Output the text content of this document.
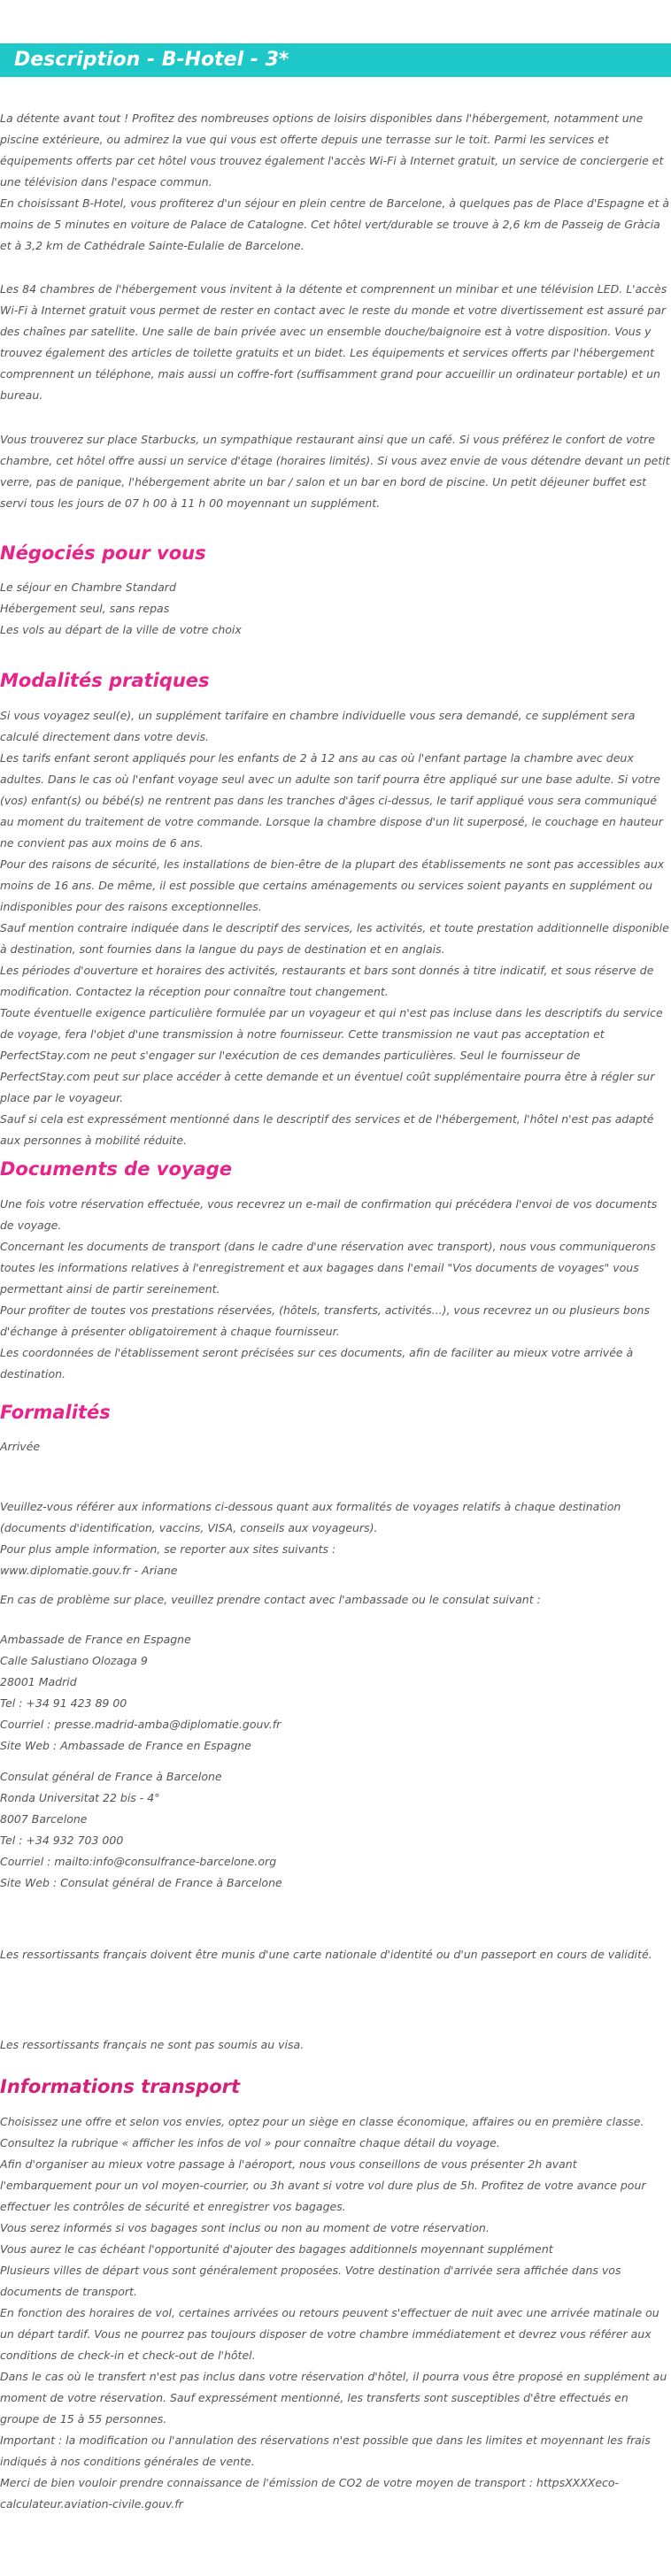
Description - B-Hotel - 3*

La détente avant tout ! Profitez des nombreuses options de loisirs disponibles dans l'hébergement, notamment une piscine extérieure, ou admirez la vue qui vous est offerte depuis une terrasse sur le toit. Parmi les services et équipements offerts par cet hôtel vous trouvez également l'accès Wi-Fi à Internet gratuit, un service de conciergerie et une télévision dans l'espace commun.

En choisissant B-Hotel, vous profiterez d'un séjour en plein centre de Barcelone, à quelques pas de Place d'Espagne et à moins de 5 minutes en voiture de Palace de Catalogne. Cet hôtel vert/durable se trouve à 2,6 km de Passeig de Gràcia et à 3,2 km de Cathédrale Sainte-Eulalie de Barcelone.

Les 84 chambres de l'hébergement vous invitent à la détente et comprennent un minibar et une télévision LED. L'accès Wi-Fi à Internet gratuit vous permet de rester en contact avec le reste du monde et votre divertissement est assuré par des chaînes par satellite. Une salle de bain privée avec un ensemble douche/baignoire est à votre disposition. Vous y trouvez également des articles de toilette gratuits et un bidet. Les équipements et services offerts par l'hébergement comprennent un téléphone, mais aussi un coffre-fort (suffisamment grand pour accueillir un ordinateur portable) et un bureau.

Vous trouverez sur place Starbucks, un sympathique restaurant ainsi que un café. Si vous préférez le confort de votre chambre, cet hôtel offre aussi un service d'étage (horaires limités). Si vous avez envie de vous détendre devant un petit verre, pas de panique, l'hébergement abrite un bar / salon et un bar en bord de piscine. Un petit déjeuner buffet est servi tous les jours de 07 h 00 à 11 h 00 moyennant un supplément.

Négociés pour vous

Le séjour en Chambre Standard

Hébergement seul, sans repas

Les vols au départ de la ville de votre choix

Modalités pratiques

Si vous voyagez seul(e), un supplément tarifaire en chambre individuelle vous sera demandé, ce supplément sera calculé directement dans votre devis.
Les tarifs enfant seront appliqués pour les enfants de 2 à 12 ans au cas où l'enfant partage la chambre avec deux adultes. Dans le cas où l'enfant voyage seul avec un adulte son tarif pourra être appliqué sur une base adulte. Si votre (vos) enfant(s) ou bébé(s) ne rentrent pas dans les tranches d'âges ci-dessus, le tarif appliqué vous sera communiqué au moment du traitement de votre commande. Lorsque la chambre dispose d'un lit superposé, le couchage en hauteur ne convient pas aux moins de 6 ans.
Pour des raisons de sécurité, les installations de bien-être de la plupart des établissements ne sont pas accessibles aux moins de 16 ans. De même, il est possible que certains aménagements ou services soient payants en supplément ou indisponibles pour des raisons exceptionnelles.
Sauf mention contraire indiquée dans le descriptif des services, les activités, et toute prestation additionnelle disponible à destination, sont fournies dans la langue du pays de destination et en anglais.
Les périodes d'ouverture et horaires des activités, restaurants et bars sont donnés à titre indicatif, et sous réserve de modification. Contactez la réception pour connaître tout changement.
Toute éventuelle exigence particulière formulée par un voyageur et qui n'est pas incluse dans les descriptifs du service de voyage, fera l'objet d'une transmission à notre fournisseur. Cette transmission ne vaut pas acceptation et PerfectStay.com ne peut s'engager sur l'exécution de ces demandes particulières. Seul le fournisseur de PerfectStay.com peut sur place accéder à cette demande et un éventuel coût supplémentaire pourra être à régler sur place par le voyageur.
Sauf si cela est expressément mentionné dans le descriptif des services et de l'hébergement, l'hôtel n'est pas adapté aux personnes à mobilité réduite.

Documents de voyage

Une fois votre réservation effectuée, vous recevrez un e-mail de confirmation qui précédera l'envoi de vos documents de voyage.
Concernant les documents de transport (dans le cadre d'une réservation avec transport), nous vous communiquerons toutes les informations relatives à l'enregistrement et aux bagages dans l'email "Vos documents de voyages" vous permettant ainsi de partir sereinement.
Pour profiter de toutes vos prestations réservées, (hôtels, transferts, activités...), vous recevrez un ou plusieurs bons d'échange à présenter obligatoirement à chaque fournisseur.
Les coordonnées de l'établissement seront précisées sur ces documents, afin de faciliter au mieux votre arrivée à destination.

Formalités

Arrivée

Veuillez-vous référer aux informations ci-dessous quant aux formalités de voyages relatifs à chaque destination (documents d'identification, vaccins, VISA, conseils aux voyageurs).
Pour plus ample information, se reporter aux sites suivants :
www.diplomatie.gouv.fr - Ariane

En cas de problème sur place, veuillez prendre contact avec l'ambassade ou le consulat suivant :

Ambassade de France en Espagne
Calle Salustiano Olozaga 9
28001 Madrid
Tel : +34 91 423 89 00
Courriel : presse.madrid-amba@diplomatie.gouv.fr
Site Web : Ambassade de France en Espagne

Consulat général de France à Barcelone
Ronda Universitat 22 bis - 4°
8007 Barcelone
Tel : +34 932 703 000
Courriel : mailto:info@consulfrance-barcelone.org
Site Web : Consulat général de France à Barcelone

Les ressortissants français doivent être munis d'une carte nationale d'identité ou d'un passeport en cours de validité.

Les ressortissants français ne sont pas soumis au visa.

Informations transport

Choisissez une offre et selon vos envies, optez pour un siège en classe économique, affaires ou en première classe.
Consultez la rubrique « afficher les infos de vol » pour connaître chaque détail du voyage.
Afin d'organiser au mieux votre passage à l'aéroport, nous vous conseillons de vous présenter 2h avant l'embarquement pour un vol moyen-courrier, ou 3h avant si votre vol dure plus de 5h. Profitez de votre avance pour effectuer les contrôles de sécurité et enregistrer vos bagages.
Vous serez informés si vos bagages sont inclus ou non au moment de votre réservation.
Vous aurez le cas échéant l'opportunité d'ajouter des bagages additionnels moyennant supplément
Plusieurs villes de départ vous sont généralement proposées. Votre destination d'arrivée sera affichée dans vos documents de transport.
En fonction des horaires de vol, certaines arrivées ou retours peuvent s'effectuer de nuit avec une arrivée matinale ou un départ tardif. Vous ne pourrez pas toujours disposer de votre chambre immédiatement et devrez vous référer aux conditions de check-in et check-out de l'hôtel.
Dans le cas où le transfert n'est pas inclus dans votre réservation d'hôtel, il pourra vous être proposé en supplément au moment de votre réservation. Sauf expressément mentionné, les transferts sont susceptibles d'être effectués en groupe de 15 à 55 personnes.
Important : la modification ou l'annulation des réservations n'est possible que dans les limites et moyennant les frais indiqués à nos conditions générales de vente.
Merci de bien vouloir prendre connaissance de l'émission de CO2 de votre moyen de transport : httpsXXXXeco-calculateur.aviation-civile.gouv.fr
